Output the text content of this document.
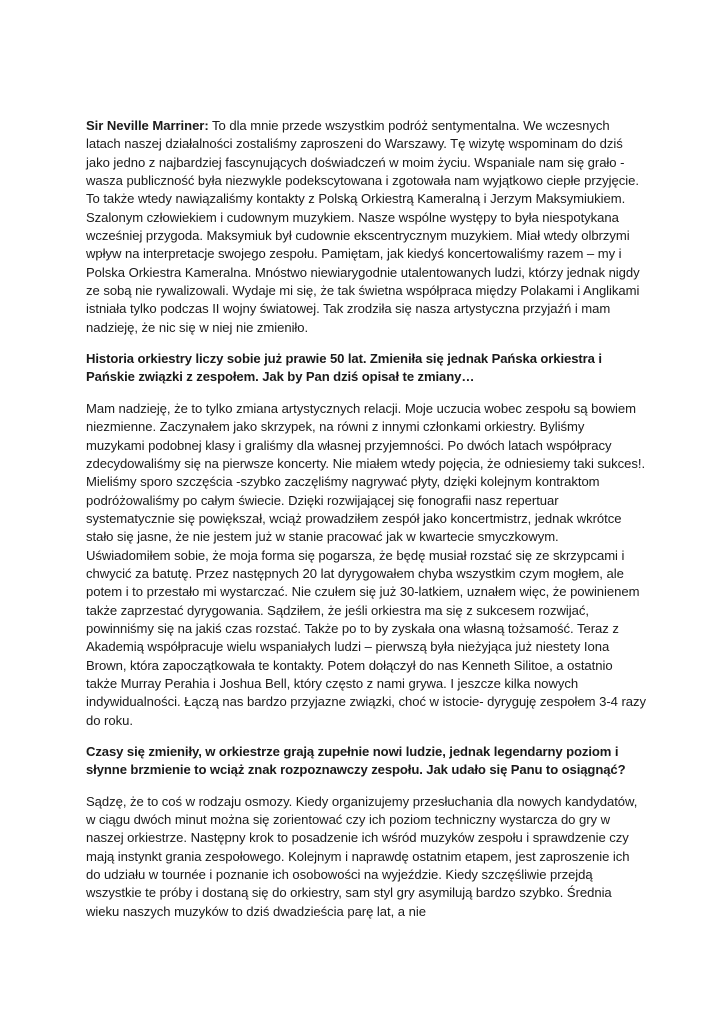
Sir Neville Marriner: To dla mnie przede wszystkim podróż sentymentalna. We wczesnych latach naszej działalności zostaliśmy zaproszeni do Warszawy. Tę wizytę wspominam do dziś jako jedno z najbardziej fascynujących doświadczeń w moim życiu. Wspaniale nam się grało - wasza publiczność była niezwykle podekscytowana i zgotowała nam wyjątkowo ciepłe przyjęcie. To także wtedy nawiązaliśmy kontakty z Polską Orkiestrą Kameralną i Jerzym Maksymiukiem. Szalonym człowiekiem i cudownym muzykiem. Nasze wspólne występy to była niespotykana wcześniej przygoda. Maksymiuk był cudownie ekscentrycznym muzykiem. Miał wtedy olbrzymi wpływ na interpretacje swojego zespołu. Pamiętam, jak kiedyś koncertowaliśmy razem – my i Polska Orkiestra Kameralna. Mnóstwo niewiarygodnie utalentowanych ludzi, którzy jednak nigdy ze sobą nie rywalizowali. Wydaje mi się, że tak świetna współpraca między Polakami i Anglikami istniała tylko podczas II wojny światowej. Tak zrodziła się nasza artystyczna przyjaźń i mam nadzieję, że nic się w niej nie zmieniło.

Historia orkiestry liczy sobie już prawie 50 lat. Zmieniła się jednak Pańska orkiestra i Pańskie związki z zespołem. Jak by Pan dziś opisał te zmiany…

Mam nadzieję, że to tylko zmiana artystycznych relacji. Moje uczucia wobec zespołu są bowiem niezmienne. Zaczynałem jako skrzypek, na równi z innymi członkami orkiestry. Byliśmy muzykami podobnej klasy i graliśmy dla własnej przyjemności. Po dwóch latach współpracy zdecydowaliśmy się na pierwsze koncerty. Nie miałem wtedy pojęcia, że odniesiemy taki sukces!. Mieliśmy sporo szczęścia -szybko zaczęliśmy nagrywać płyty, dzięki kolejnym kontraktom podróżowaliśmy po całym świecie. Dzięki rozwijającej się fonografii nasz repertuar systematycznie się powiększał, wciąż prowadziłem zespół jako koncertmistrz, jednak wkrótce stało się jasne, że nie jestem już w stanie pracować jak w kwartecie smyczkowym. Uświadomiłem sobie, że moja forma się pogarsza, że będę musiał rozstać się ze skrzypcami i chwycić za batutę. Przez następnych 20 lat dyrygowałem chyba wszystkim czym mogłem, ale potem i to przestało mi wystarczać. Nie czułem się już 30-latkiem, uznałem więc, że powinienem także zaprzestać dyrygowania. Sądziłem, że jeśli orkiestra ma się z sukcesem rozwijać, powinniśmy się na jakiś czas rozstać. Także po to by zyskała ona własną tożsamość. Teraz z Akademią współpracuje wielu wspaniałych ludzi – pierwszą była nieżyjąca już niestety Iona Brown, która zapoczątkowała te kontakty. Potem dołączył do nas Kenneth Silitoe, a ostatnio także Murray Perahia i Joshua Bell, który często z nami grywa. I jeszcze kilka nowych indywidualności. Łączą nas bardzo przyjazne związki, choć w istocie- dyryguję zespołem 3-4 razy do roku.

Czasy się zmieniły, w orkiestrze grają zupełnie nowi ludzie, jednak legendarny poziom i słynne brzmienie to wciąż znak rozpoznawczy zespołu. Jak udało się Panu to osiągnąć?

Sądzę, że to coś w rodzaju osmozy. Kiedy organizujemy przesłuchania dla nowych kandydatów, w ciągu dwóch minut można się zorientować czy ich poziom techniczny wystarcza do gry w naszej orkiestrze. Następny krok to posadzenie ich wśród muzyków zespołu i sprawdzenie czy mają instynkt grania zespołowego. Kolejnym i naprawdę ostatnim etapem, jest zaproszenie ich do udziału w tournée i poznanie ich osobowości na wyjeździe. Kiedy szczęśliwie przejdą wszystkie te próby i dostaną się do orkiestry, sam styl gry asymilują bardzo szybko. Średnia wieku naszych muzyków to dziś dwadzieścia parę lat, a nie
